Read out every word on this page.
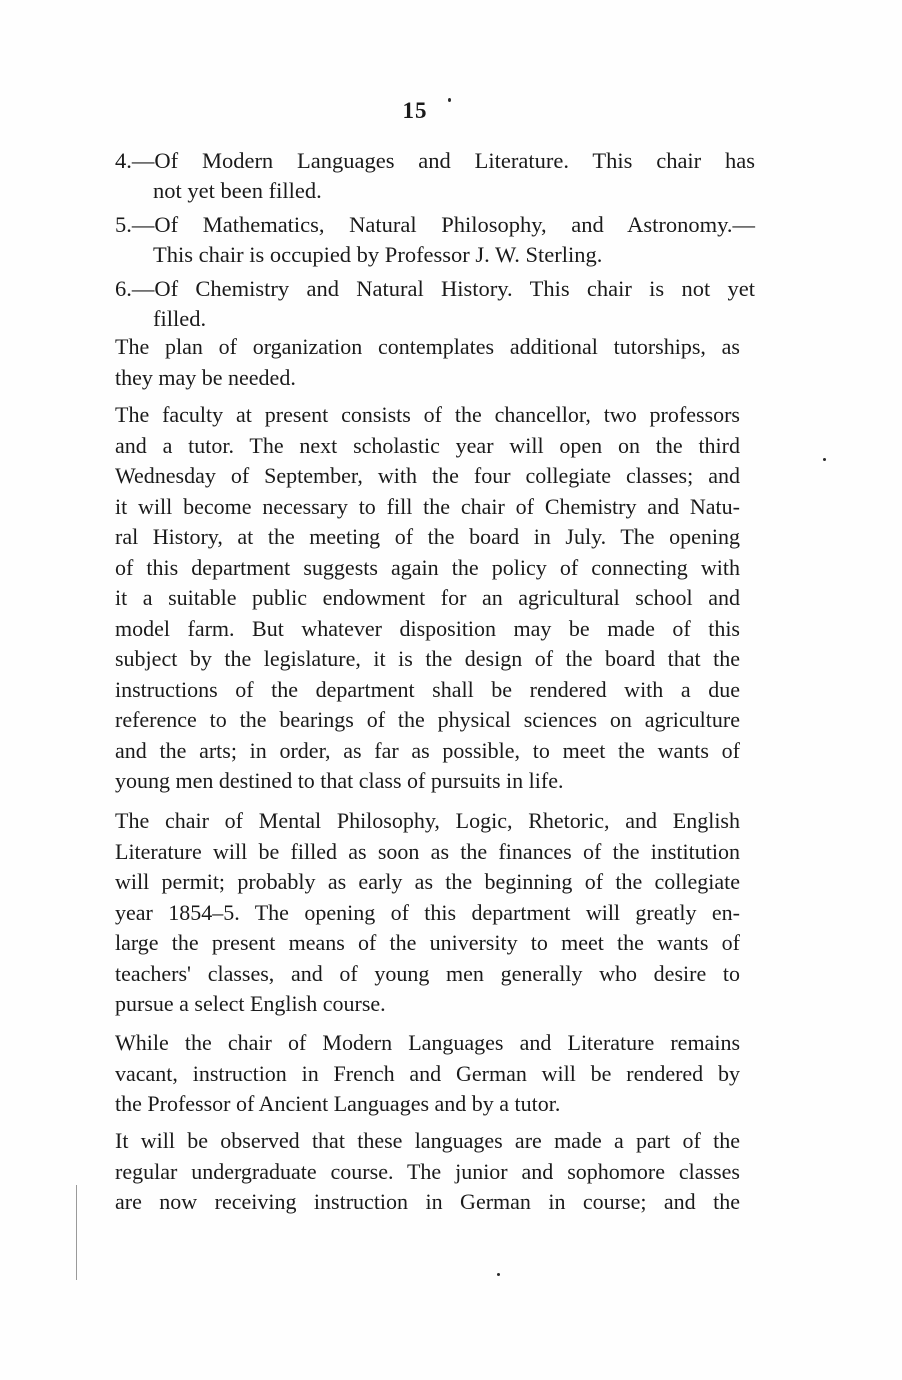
15
4.—Of Modern Languages and Literature. This chair has
not yet been filled.
5.—Of Mathematics, Natural Philosophy, and Astronomy.—
This chair is occupied by Professor J. W. Sterling.
6.—Of Chemistry and Natural History. This chair is not yet
filled.

The plan of organization contemplates additional tutorships, as
they may be needed.

The faculty at present consists of the chancellor, two professors
and a tutor. The next scholastic year will open on the third
Wednesday of September, with the four collegiate classes; and
it will become necessary to fill the chair of Chemistry and Natu-
ral History, at the meeting of the board in July. The opening
of this department suggests again the policy of connecting with
it a suitable public endowment for an agricultural school and
model farm. But whatever disposition may be made of this
subject by the legislature, it is the design of the board that the
instructions of the department shall be rendered with a due
reference to the bearings of the physical sciences on agriculture
and the arts; in order, as far as possible, to meet the wants of
young men destined to that class of pursuits in life.

The chair of Mental Philosophy, Logic, Rhetoric, and English
Literature will be filled as soon as the finances of the institution
will permit; probably as early as the beginning of the collegiate
year 1854–5. The opening of this department will greatly en-
large the present means of the university to meet the wants of
teachers' classes, and of young men generally who desire to
pursue a select English course.

While the chair of Modern Languages and Literature remains
vacant, instruction in French and German will be rendered by
the Professor of Ancient Languages and by a tutor.

It will be observed that these languages are made a part of the
regular undergraduate course. The junior and sophomore classes
are now receiving instruction in German in course; and the
